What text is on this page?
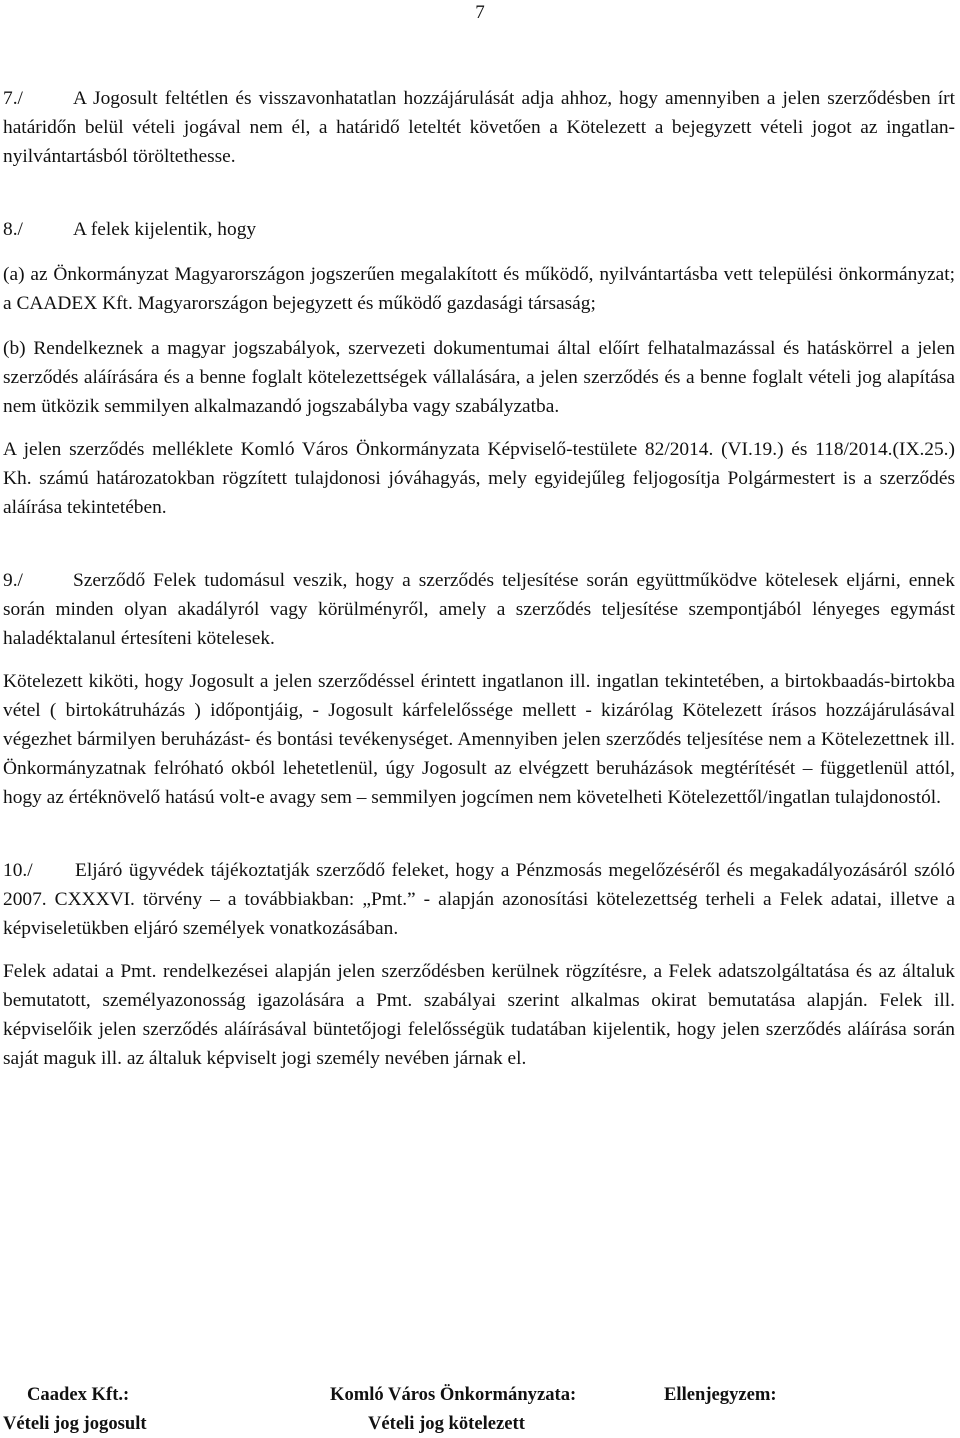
7

7./	A Jogosult feltétlen és visszavonhatatlan hozzájárulását adja ahhoz, hogy amennyiben a jelen szerződésben írt határidőn belül vételi jogával nem él, a határidő leteltét követően a Kötelezett a bejegyzett vételi jogot az ingatlan-nyilvántartásból töröltethesse.

8./	A felek kijelentik, hogy

(a) az Önkormányzat Magyarországon jogszerűen megalakított és működő, nyilvántartásba vett települési önkormányzat; a CAADEX Kft. Magyarországon bejegyzett és működő gazdasági társaság;

(b) Rendelkeznek a magyar jogszabályok, szervezeti dokumentumai által előírt felhatalmazással és hatáskörrel a jelen szerződés aláírására és a benne foglalt kötelezettségek vállalására, a jelen szerződés és a benne foglalt vételi jog alapítása nem ütközik semmilyen alkalmazandó jogszabályba vagy szabályzatba.

A jelen szerződés melléklete Komló Város Önkormányzata Képviselő-testülete 82/2014. (VI.19.) és 118/2014.(IX.25.) Kh. számú határozatokban rögzített tulajdonosi jóváhagyás, mely egyidejűleg feljogosítja Polgármestert is a szerződés aláírása tekintetében.

9./	Szerződő Felek tudomásul veszik, hogy a szerződés teljesítése során együttműködve kötelesek eljárni, ennek során minden olyan akadályról vagy körülményről, amely a szerződés teljesítése szempontjából lényeges egymást haladéktalanul értesíteni kötelesek.

Kötelezett kiköti, hogy Jogosult a jelen szerződéssel érintett ingatlanon ill. ingatlan tekintetében, a birtokbaadás-birtokba vétel ( birtokátruházás ) időpontjáig, - Jogosult kárfelelőssége mellett - kizárólag Kötelezett írásos hozzájárulásával végezhet bármilyen beruházást- és bontási tevékenységet. Amennyiben jelen szerződés teljesítése nem a Kötelezettnek ill. Önkormányzatnak felróható okból lehetetlenül, úgy Jogosult az elvégzett beruházások megtérítését – függetlenül attól, hogy az értéknövelő hatású volt-e avagy sem – semmilyen jogcímen nem követelheti Kötelezettől/ingatlan tulajdonostól.

10./ Eljáró ügyvédek tájékoztatják szerződő feleket, hogy a Pénzmosás megelőzéséről és megakadályozásáról szóló 2007. CXXXVI. törvény – a továbbiakban: „Pmt.” - alapján azonosítási kötelezettség terheli a Felek adatai, illetve a képviseletükben eljáró személyek vonatkozásában.

Felek adatai a Pmt. rendelkezései alapján jelen szerződésben kerülnek rögzítésre, a Felek adatszolgáltatása és az általuk bemutatott, személyazonosság igazolására a Pmt. szabályai szerint alkalmas okirat bemutatása alapján. Felek ill. képviselőik jelen szerződés aláírásával büntetőjogi felelősségük tudatában kijelentik, hogy jelen szerződés aláírása során saját maguk ill. az általuk képviselt jogi személy nevében járnak el.

Caadex Kft.:
Vételi jog jogosult
Komló Város Önkormányzata:
Vételi jog kötelezett
Ellenjegyzem:
